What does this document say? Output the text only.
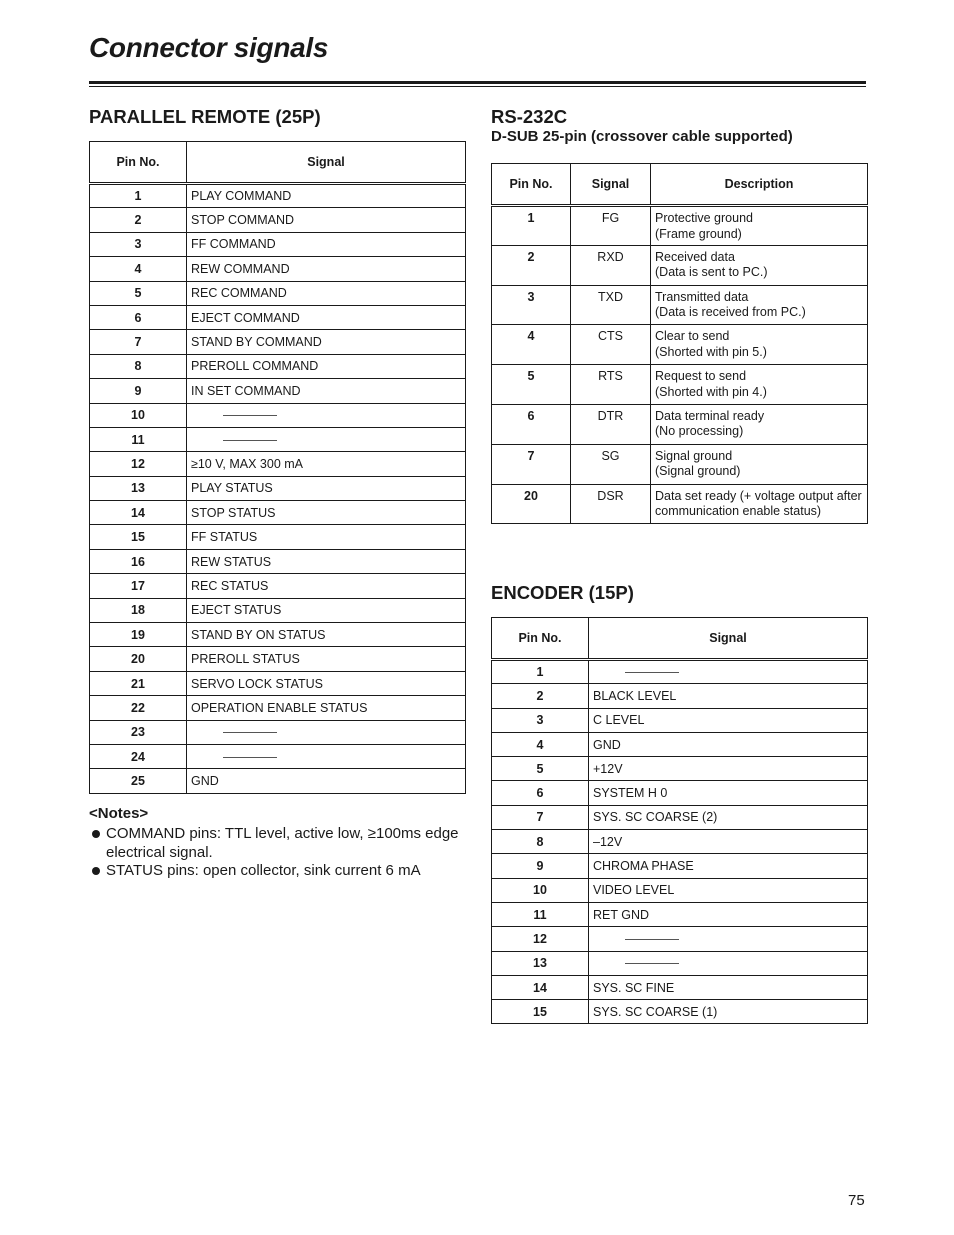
Connector signals
PARALLEL REMOTE (25P)
Pin No.	Signal
1	PLAY COMMAND
2	STOP COMMAND
3	FF COMMAND
4	REW COMMAND
5	REC COMMAND
6	EJECT COMMAND
7	STAND BY COMMAND
8	PREROLL COMMAND
9	IN SET COMMAND
10	
11	
12	≥10 V, MAX 300 mA
13	PLAY STATUS
14	STOP STATUS
15	FF STATUS
16	REW STATUS
17	REC STATUS
18	EJECT STATUS
19	STAND BY ON STATUS
20	PREROLL STATUS
21	SERVO LOCK STATUS
22	OPERATION ENABLE STATUS
23	
24	
25	GND
<Notes>
COMMAND pins: TTL level, active low, ≥100ms edge electrical signal.
STATUS pins: open collector, sink current 6 mA
RS-232C
D-SUB 25-pin (crossover cable supported)
Pin No.	Signal	Description
1	FG	Protective ground
(Frame ground)

2	RXD	Received data
(Data is sent to PC.)

3	TXD	Transmitted data
(Data is received from PC.)

4	CTS	Clear to send
(Shorted with pin 5.)

5	RTS	Request to send
(Shorted with pin 4.)

6	DTR	Data terminal ready
(No processing)

7	SG	Signal ground
(Signal ground)

20	DSR	Data set ready (+ voltage output after
communication enable status)
ENCODER (15P)
Pin No.	Signal
1	
2	BLACK LEVEL
3	C LEVEL
4	GND
5	+12V
6	SYSTEM H 0
7	SYS. SC COARSE (2)
8	–12V
9	CHROMA PHASE
10	VIDEO LEVEL
11	RET GND
12	
13	
14	SYS. SC FINE
15	SYS. SC COARSE (1)
75
